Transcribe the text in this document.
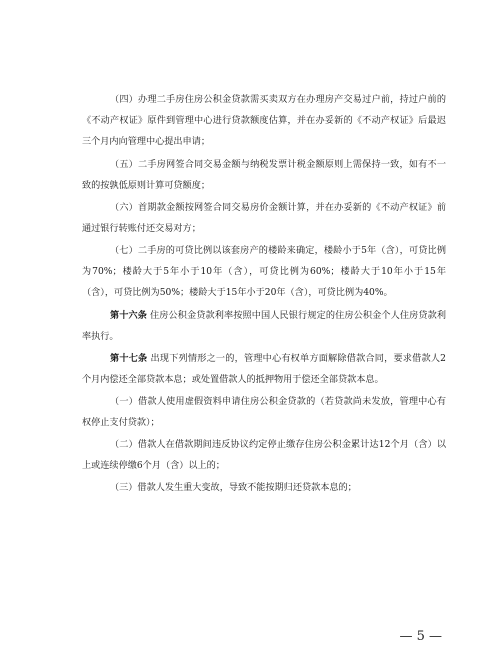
（四）办理二手房住房公积金贷款需买卖双方在办理房产交易过户前，持过户前的《不动产权证》原件到管理中心进行贷款额度估算，并在办妥新的《不动产权证》后最迟三个月内向管理中心提出申请；

（五）二手房网签合同交易金额与纳税发票计税金额原则上需保持一致，如有不一致的按孰低原则计算可贷额度；

（六）首期款金额按网签合同交易房价金额计算，并在办妥新的《不动产权证》前通过银行转账付还交易对方；

（七）二手房的可贷比例以该套房产的楼龄来确定，楼龄小于5年（含），可贷比例为70%；楼龄大于5年小于10年（含），可贷比例为60%；楼龄大于10年小于15年（含），可贷比例为50%；楼龄大于15年小于20年（含），可贷比例为40%。

第十六条 住房公积金贷款利率按照中国人民银行规定的住房公积金个人住房贷款利率执行。

第十七条 出现下列情形之一的，管理中心有权单方面解除借款合同，要求借款人2个月内偿还全部贷款本息；或处置借款人的抵押物用于偿还全部贷款本息。

（一）借款人使用虚假资料申请住房公积金贷款的（若贷款尚未发放，管理中心有权停止支付贷款）；

（二）借款人在借款期间违反协议约定停止缴存住房公积金累计达12个月（含）以上或连续停缴6个月（含）以上的；

（三）借款人发生重大变故，导致不能按期归还贷款本息的；

— 5 —
